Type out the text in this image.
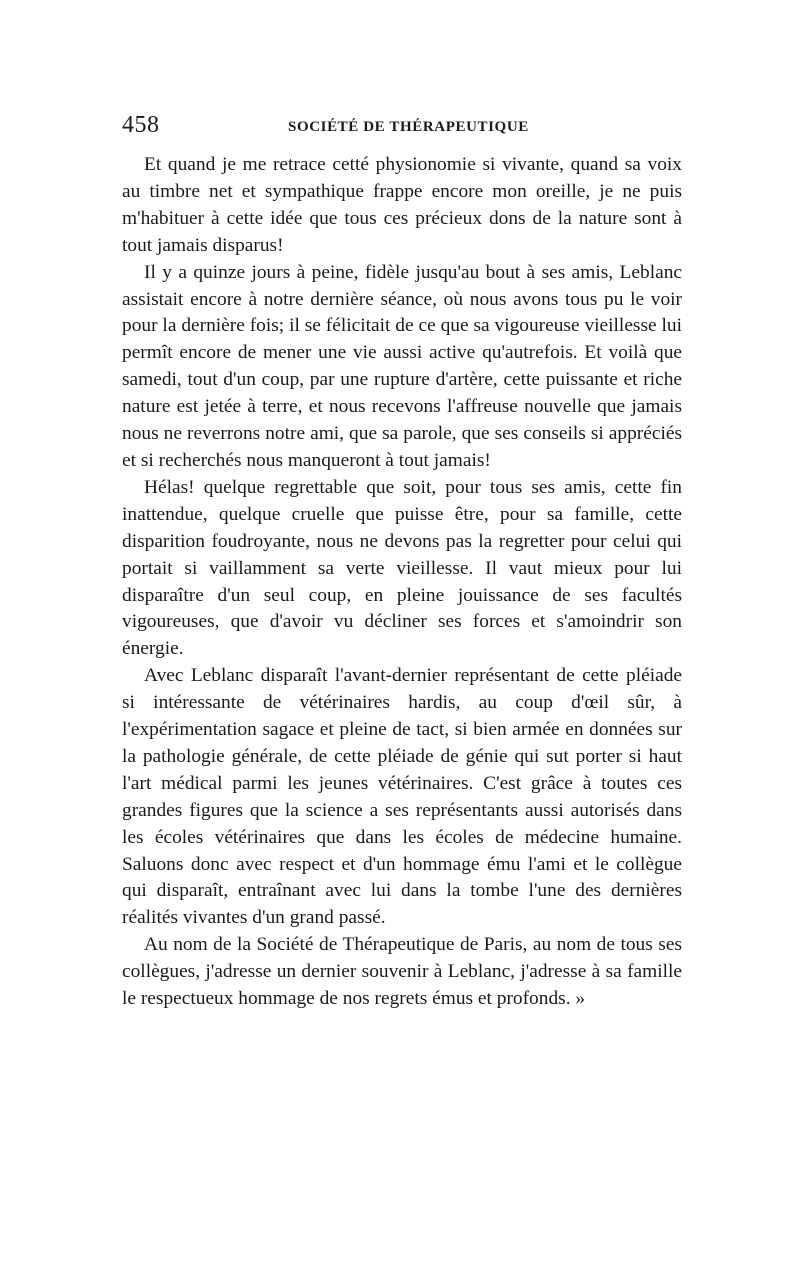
458	SOCIÉTÉ DE THÉRAPEUTIQUE

Et quand je me retrace cetté physionomie si vivante, quand sa voix au timbre net et sympathique frappe encore mon oreille, je ne puis m'habituer à cette idée que tous ces précieux dons de la nature sont à tout jamais disparus!

Il y a quinze jours à peine, fidèle jusqu'au bout à ses amis, Leblanc assistait encore à notre dernière séance, où nous avons tous pu le voir pour la dernière fois; il se félicitait de ce que sa vigoureuse vieillesse lui permît encore de mener une vie aussi active qu'autrefois. Et voilà que samedi, tout d'un coup, par une rupture d'artère, cette puissante et riche nature est jetée à terre, et nous recevons l'affreuse nouvelle que jamais nous ne reverrons notre ami, que sa parole, que ses conseils si appréciés et si recherchés nous manqueront à tout jamais!

Hélas! quelque regrettable que soit, pour tous ses amis, cette fin inattendue, quelque cruelle que puisse être, pour sa famille, cette disparition foudroyante, nous ne devons pas la regretter pour celui qui portait si vaillamment sa verte vieillesse. Il vaut mieux pour lui disparaître d'un seul coup, en pleine jouissance de ses facultés vigoureuses, que d'avoir vu décliner ses forces et s'amoindrir son énergie.

Avec Leblanc disparaît l'avant-dernier représentant de cette pléiade si intéressante de vétérinaires hardis, au coup d'œil sûr, à l'expérimentation sagace et pleine de tact, si bien armée en données sur la pathologie générale, de cette pléiade de génie qui sut porter si haut l'art médical parmi les jeunes vétérinaires. C'est grâce à toutes ces grandes figures que la science a ses représentants aussi autorisés dans les écoles vétérinaires que dans les écoles de médecine humaine. Saluons donc avec respect et d'un hommage ému l'ami et le collègue qui disparaît, entraînant avec lui dans la tombe l'une des dernières réalités vivantes d'un grand passé.

Au nom de la Société de Thérapeutique de Paris, au nom de tous ses collègues, j'adresse un dernier souvenir à Leblanc, j'adresse à sa famille le respectueux hommage de nos regrets émus et profonds. »
